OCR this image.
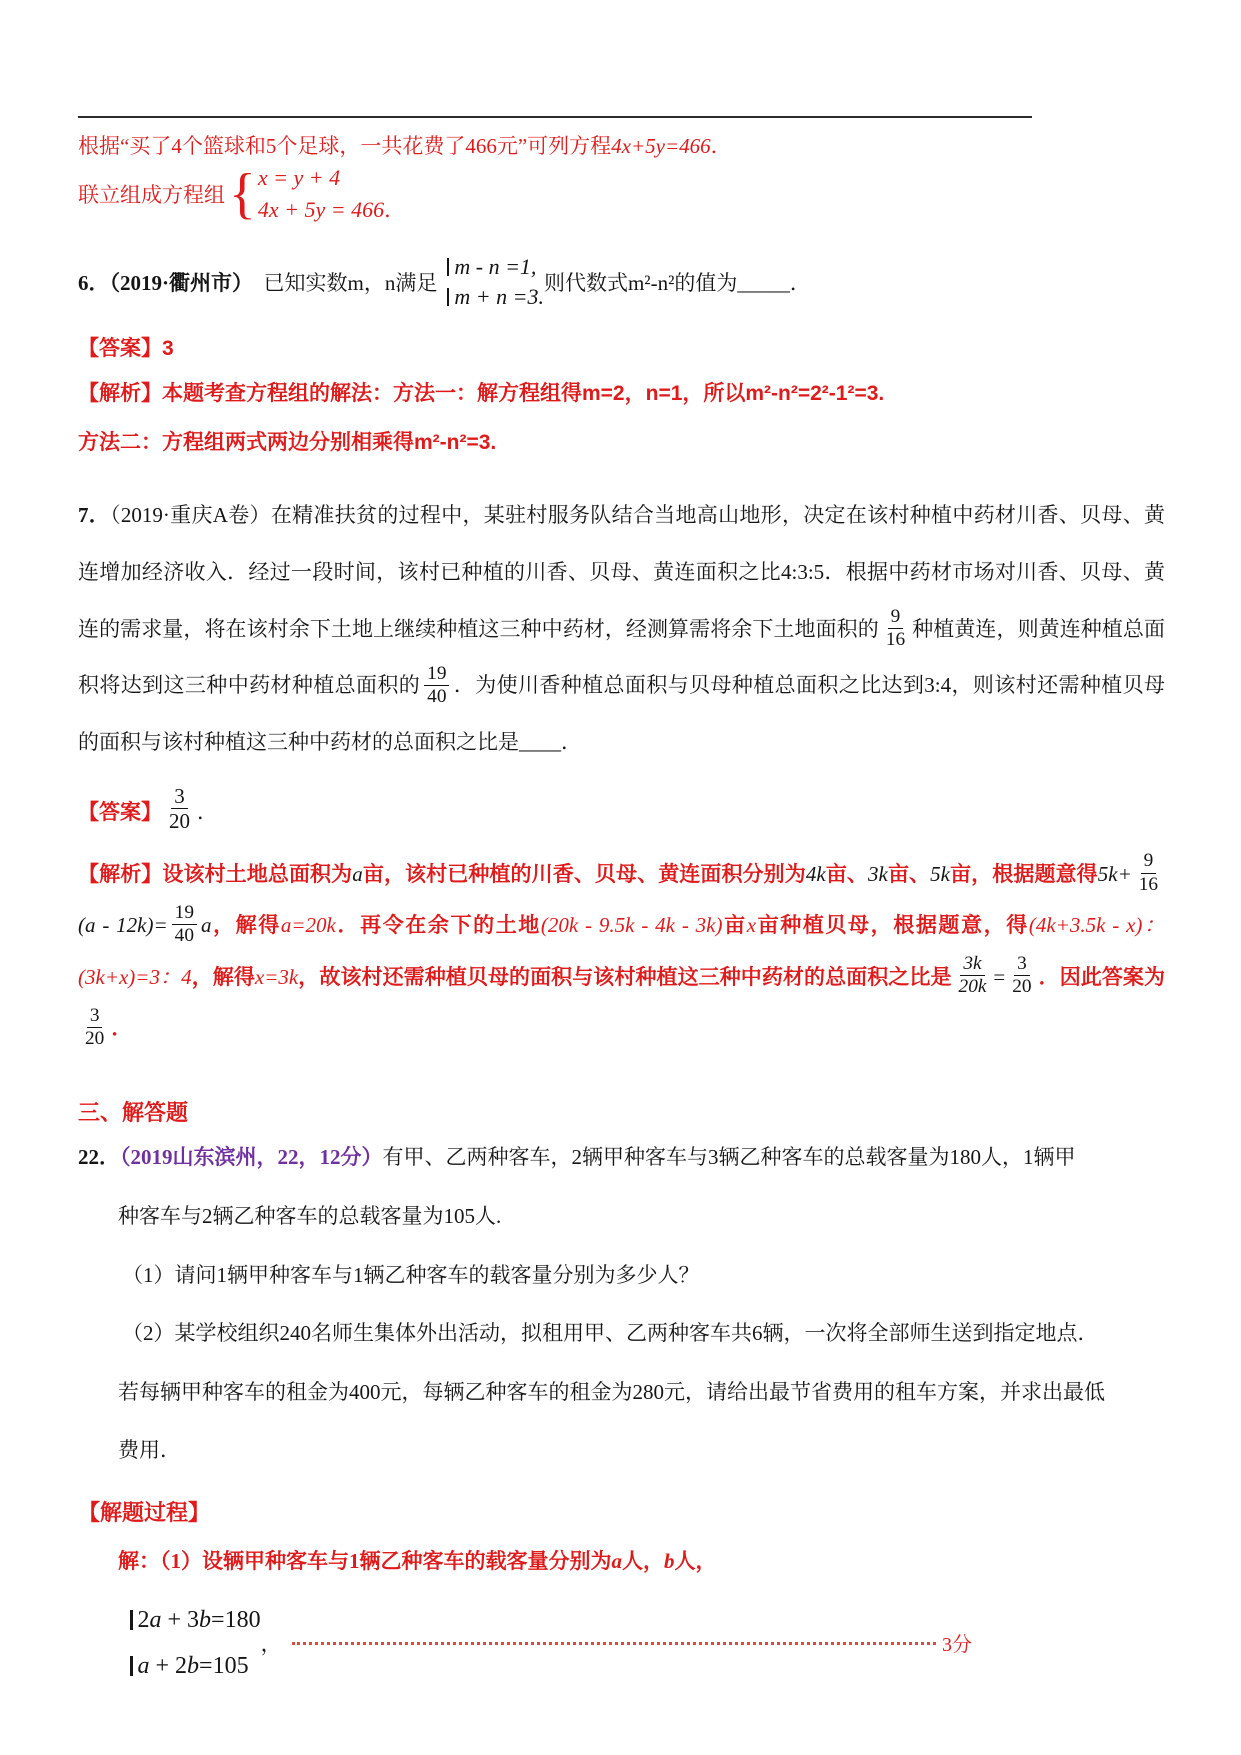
根据“买了4个篮球和5个足球，一共花费了466元”可列方程4x+5y=466．
联立组成方程组 { x = y + 4
4x + 5y = 466 ．
6．（2019·衢州市）　已知实数m，n满足
m - n =1,
m + n =3.
则代数式m²-n²的值为_____．
【答案】3
【解析】本题考查方程组的解法：方法一：解方程组得m=2，n=1，所以m²-n²=2²-1²=3.
方法二：方程组两式两边分别相乘得m²-n²=3.
7．（2019·重庆A卷）在精准扶贫的过程中，某驻村服务队结合当地高山地形，决定在该村种植中药材川香、贝母、黄连增加经济收入．经过一段时间，该村已种植的川香、贝母、黄连面积之比4:3:5．根据中药材市场对川香、贝母、黄连的需求量，将在该村余下土地上继续种植这三种中药材，经测算需将余下土地面积的 $\frac{9}{16}$ 种植黄连，则黄连种植总面积将达到这三种中药材种植总面积的 $\frac{19}{40}$ ．为使川香种植总面积与贝母种植总面积之比达到3:4，则该村还需种植贝母的面积与该村种植这三种中药材的总面积之比是____．
【答案】 $\frac{3}{20}$ ．
【解析】设该村土地总面积为a亩，该村已种植的川香、贝母、黄连面积分别为4k亩、3k亩、5k亩，根据题意得$5k+ \frac{9}{16}$
$(a - 12k)= \frac{19}{40}$ a，解得a=20k．再令在余下的土地(20k - 9.5k - 4k - 3k)亩x亩种植贝母，根据题意，得(4k+3.5k - x)：(3k+x)=3：4，解得x=3k，故该村还需种植贝母的面积与该村种植这三种中药材的总面积之比是 $\frac{3k}{20k} = \frac{3}{20}$ ．因此答案为
$\frac{3}{20}$ ．
三、解答题
22．（2019山东滨州，22，12分）有甲、乙两种客车，2辆甲种客车与3辆乙种客车的总载客量为180人，1辆甲
种客车与2辆乙种客车的总载客量为105人.
（1）请问1辆甲种客车与1辆乙种客车的载客量分别为多少人？
（2）某学校组织240名师生集体外出活动，拟租用甲、乙两种客车共6辆，一次将全部师生送到指定地点．
若每辆甲种客车的租金为400元，每辆乙种客车的租金为280元，请给出最节省费用的租车方案，并求出最低
费用．
【解题过程】
解：（1）设辆甲种客车与1辆乙种客车的载客量分别为a人，b人，
2a + 3b=180
a + 2b=105
，	3分
